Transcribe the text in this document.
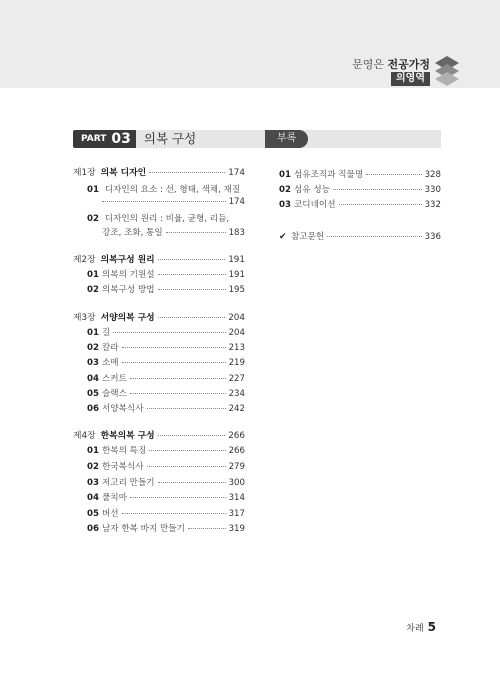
문영은 전공가정
의영역
PART 03	의복 구성	부록
제1장 의복 디자인	174
01 디자인의 요소 : 선, 형태, 색채, 재질
174
02 디자인의 원리 : 비율, 균형, 리듬,
강조, 조화, 통일	183
제2장 의복구성 원리	191
01 의복의 기원설	191
02 의복구성 방법	195
제3장 서양의복 구성	204
01 길	204
02 칼라	213
03 소매	219
04 스커트	227
05 슬랙스	234
06 서양복식사	242
제4장 한복의복 구성	266
01 한복의 특징	266
02 한국복식사	279
03 저고리 만들기	300
04 풀치마	314
05 버선	317
06 남자 한복 바지 만들기	319
01 섬유조직과 직물명	328
02 섬유 성능	330
03 코디네이션	332
✔ 참고문헌	336
차례 5
